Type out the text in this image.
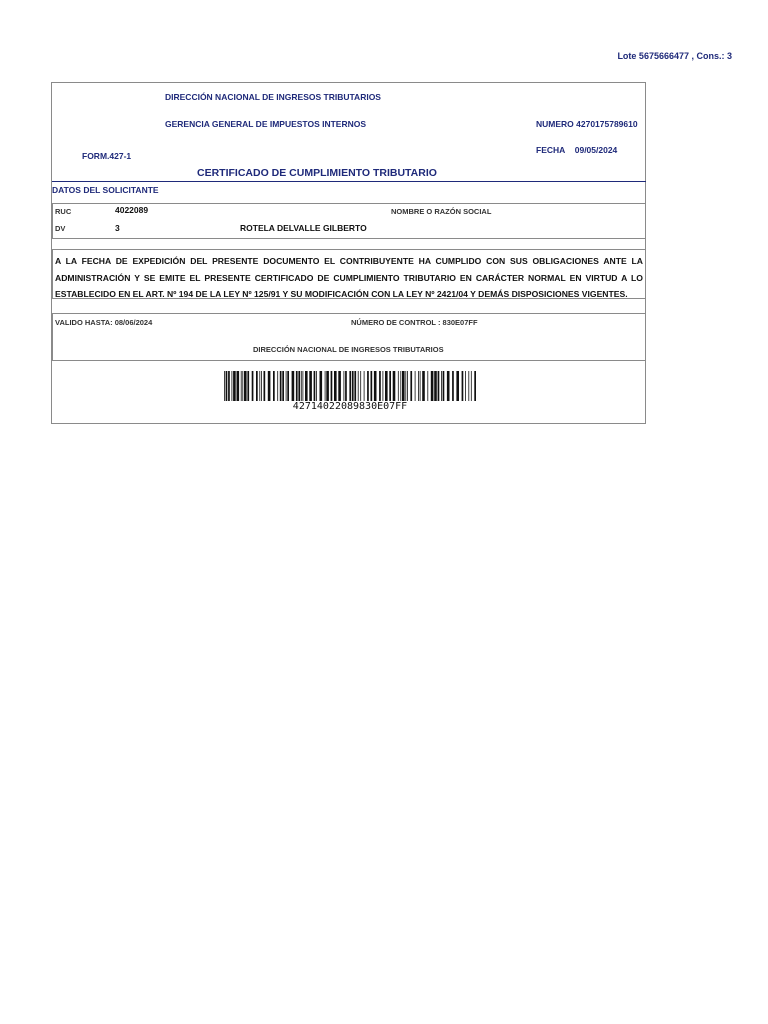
Lote 5675666477 , Cons.: 3
DIRECCIÓN NACIONAL DE INGRESOS TRIBUTARIOS
GERENCIA GENERAL DE IMPUESTOS INTERNOS	NUMERO 4270175789610
FORM.427-1
FECHA 09/05/2024
CERTIFICADO DE CUMPLIMIENTO TRIBUTARIO
DATOS DEL SOLICITANTE
RUC	4022089	NOMBRE O RAZÓN SOCIAL
DV	3	ROTELA DELVALLE GILBERTO
A LA FECHA DE EXPEDICIÓN DEL PRESENTE DOCUMENTO EL CONTRIBUYENTE HA CUMPLIDO CON SUS OBLIGACIONES ANTE LA ADMINISTRACIÓN Y SE EMITE EL PRESENTE CERTIFICADO DE CUMPLIMIENTO TRIBUTARIO EN CARÁCTER NORMAL EN VIRTUD A LO ESTABLECIDO EN EL ART. Nº 194 DE LA LEY Nº 125/91 Y SU MODIFICACIÓN CON LA LEY Nº 2421/04 Y DEMÁS DISPOSICIONES VIGENTES.
VALIDO HASTA: 08/06/2024	NÚMERO DE CONTROL : 830E07FF
DIRECCIÓN NACIONAL DE INGRESOS TRIBUTARIOS
42714022089830E07FF
